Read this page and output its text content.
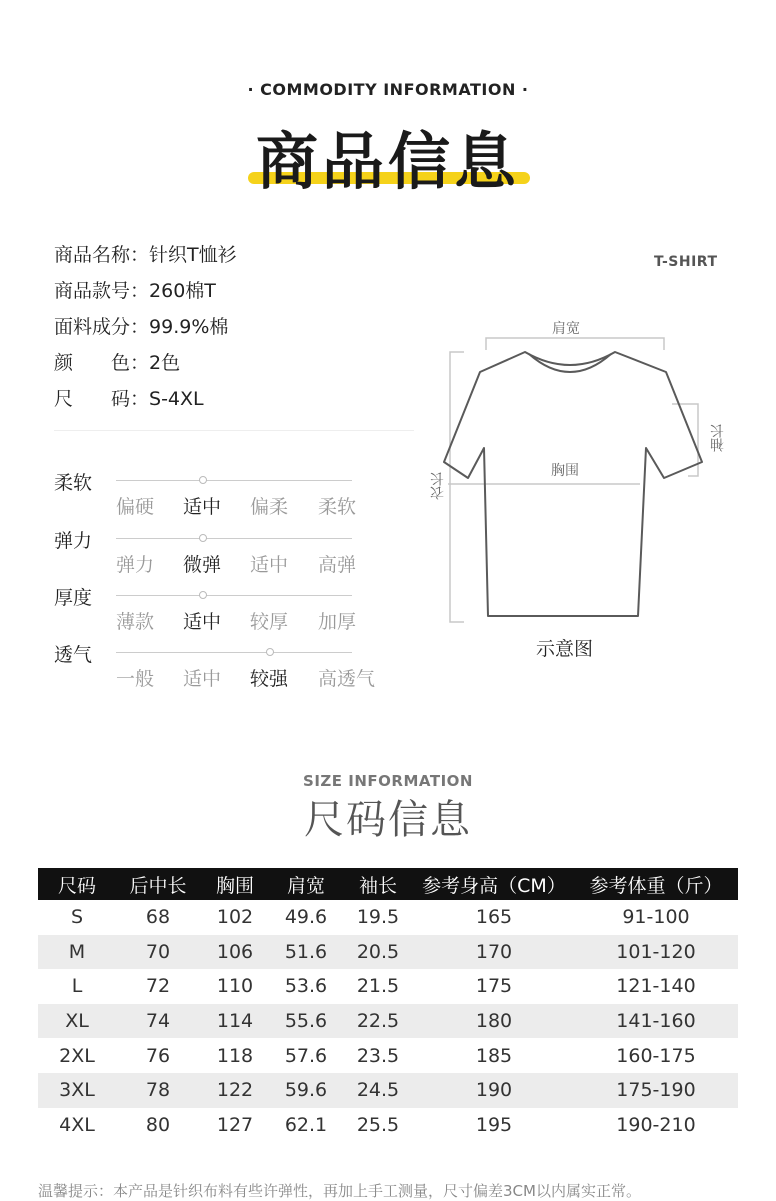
· COMMODITY INFORMATION ·
商品信息
商品名称：针织T恤衫
商品款号：260棉T
面料成分：99.9%棉
颜　　色：2色
尺　　码：S-4XL
柔软
偏硬 适中 偏柔 柔软
弹力
弹力 微弹 适中 高弹
厚度
薄款 适中 较厚 加厚
透气
一般 适中 较强 高透气
T-SHIRT
肩宽
胸围
袖长
衣长
示意图
SIZE INFORMATION
尺码信息
尺码	后中长	胸围	肩宽	袖长	参考身高（CM）	参考体重（斤）
S	68	102	49.6	19.5	165	91-100
M	70	106	51.6	20.5	170	101-120
L	72	110	53.6	21.5	175	121-140
XL	74	114	55.6	22.5	180	141-160
2XL	76	118	57.6	23.5	185	160-175
3XL	78	122	59.6	24.5	190	175-190
4XL	80	127	62.1	25.5	195	190-210
温馨提示：本产品是针织布料有些许弹性，再加上手工测量，尺寸偏差3CM以内属实正常。
